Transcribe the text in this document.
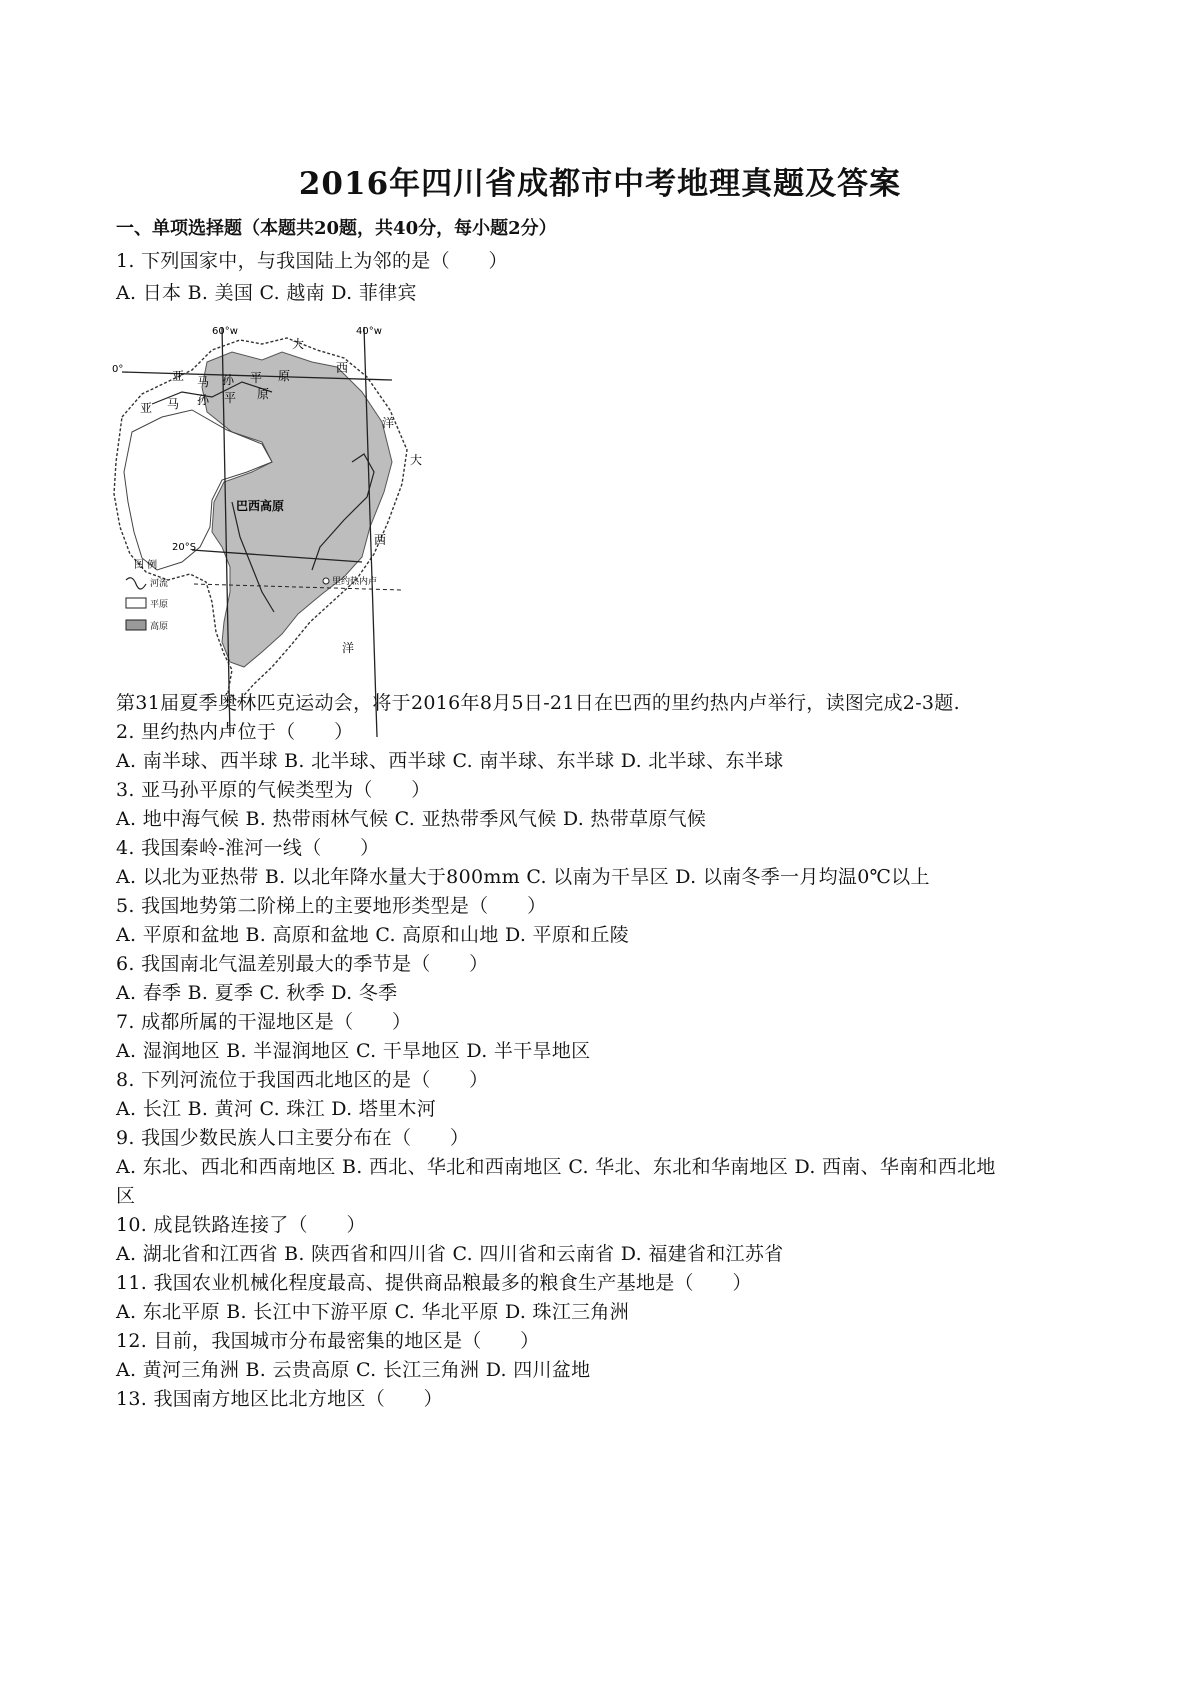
2016年四川省成都市中考地理真题及答案
一、单项选择题（本题共20题，共40分，每小题2分）
1. 下列国家中，与我国陆上为邻的是（　　）
A. 日本 B. 美国 C. 越南 D. 菲律宾
60°w	40°w
0°
20°S
亚 马 孙 平 原
亚 马 孙 平 原
巴西高原
大
西
洋
大
西
洋
里约热内卢
图 例
河流
平原
高原
第31届夏季奥林匹克运动会，将于2016年8月5日-21日在巴西的里约热内卢举行，读图完成2-3题.
2. 里约热内卢位于（　　）
A. 南半球、西半球 B. 北半球、西半球 C. 南半球、东半球 D. 北半球、东半球
3. 亚马孙平原的气候类型为（　　）
A. 地中海气候 B. 热带雨林气候 C. 亚热带季风气候 D. 热带草原气候
4. 我国秦岭-淮河一线（　　）
A. 以北为亚热带 B. 以北年降水量大于800mm C. 以南为干旱区 D. 以南冬季一月均温0℃以上
5. 我国地势第二阶梯上的主要地形类型是（　　）
A. 平原和盆地 B. 高原和盆地 C. 高原和山地 D. 平原和丘陵
6. 我国南北气温差别最大的季节是（　　）
A. 春季 B. 夏季 C. 秋季 D. 冬季
7. 成都所属的干湿地区是（　　）
A. 湿润地区 B. 半湿润地区 C. 干旱地区 D. 半干旱地区
8. 下列河流位于我国西北地区的是（　　）
A. 长江 B. 黄河 C. 珠江 D. 塔里木河
9. 我国少数民族人口主要分布在（　　）
A. 东北、西北和西南地区 B. 西北、华北和西南地区 C. 华北、东北和华南地区 D. 西南、华南和西北地
区
10. 成昆铁路连接了（　　）
A. 湖北省和江西省 B. 陕西省和四川省 C. 四川省和云南省 D. 福建省和江苏省
11. 我国农业机械化程度最高、提供商品粮最多的粮食生产基地是（　　）
A. 东北平原 B. 长江中下游平原 C. 华北平原 D. 珠江三角洲
12. 目前，我国城市分布最密集的地区是（　　）
A. 黄河三角洲 B. 云贵高原 C. 长江三角洲 D. 四川盆地
13. 我国南方地区比北方地区（　　）
